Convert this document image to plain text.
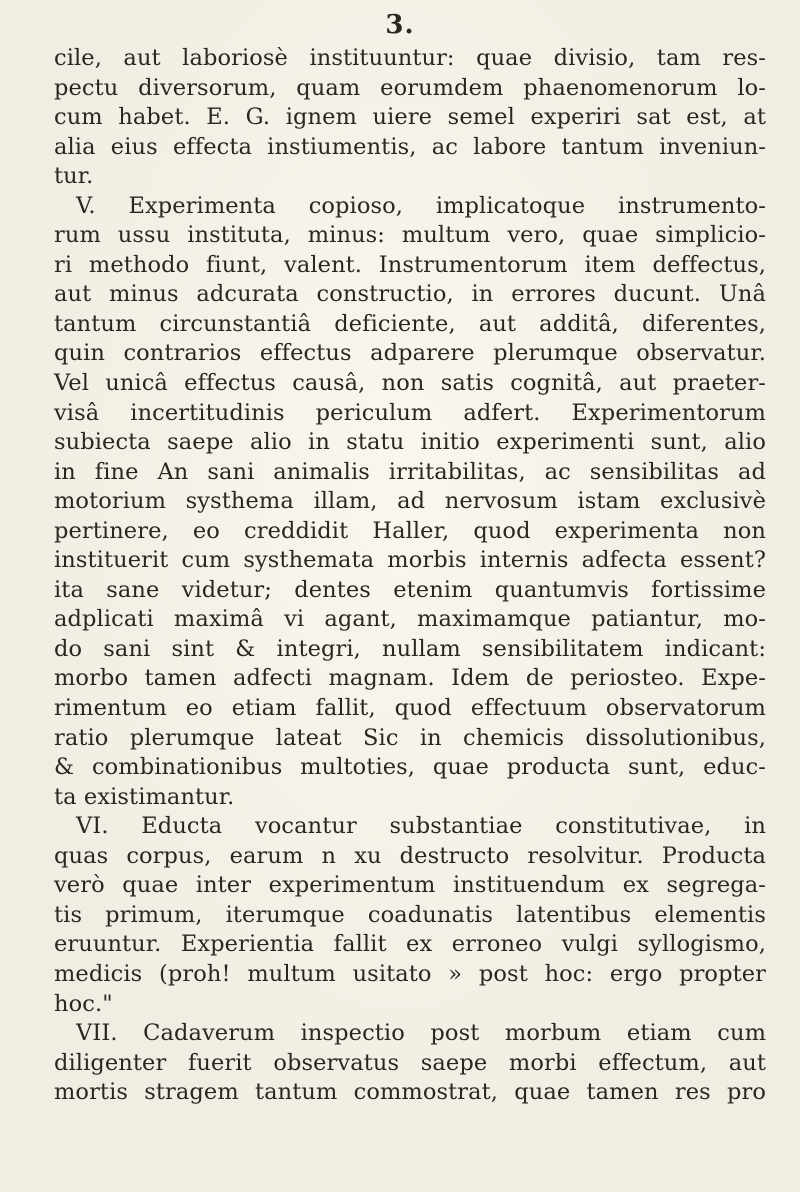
3.
cile, aut laboriosè instituuntur: quae divisio, tam res-
pectu diversorum, quam eorumdem phaenomenorum lo-
cum habet. E. G. ignem uiere semel experiri sat est, at
alia eius effecta instiumentis, ac labore tantum inveniun-
tur.
V. Experimenta copioso, implicatoque instrumento-
rum ussu instituta, minus: multum vero, quae simplicio-
ri methodo fiunt, valent. Instrumentorum item deffectus,
aut minus adcurata constructio, in errores ducunt. Unâ
tantum circunstantiâ deficiente, aut additâ, diferentes,
quin contrarios effectus adparere plerumque observatur.
Vel unicâ effectus causâ, non satis cognitâ, aut praeter-
visâ incertitudinis periculum adfert. Experimentorum
subiecta saepe alio in statu initio experimenti sunt, alio
in fine An sani animalis irritabilitas, ac sensibilitas ad
motorium systhema illam, ad nervosum istam exclusivè
pertinere, eo creddidit Haller, quod experimenta non
instituerit cum systhemata morbis internis adfecta essent?
ita sane videtur; dentes etenim quantumvis fortissime
adplicati maximâ vi agant, maximamque patiantur, mo-
do sani sint & integri, nullam sensibilitatem indicant:
morbo tamen adfecti magnam. Idem de periosteo. Expe-
rimentum eo etiam fallit, quod effectuum observatorum
ratio plerumque lateat Sic in chemicis dissolutionibus,
& combinationibus multoties, quae producta sunt, educ-
ta existimantur.
VI. Educta vocantur substantiae constitutivae, in
quas corpus, earum n xu destructo resolvitur. Producta
verò quae inter experimentum instituendum ex segrega-
tis primum, iterumque coadunatis latentibus elementis
eruuntur. Experientia fallit ex erroneo vulgi syllogismo,
medicis (proh! multum usitato » post hoc: ergo propter
hoc."
VII. Cadaverum inspectio post morbum etiam cum
diligenter fuerit observatus saepe morbi effectum, aut
mortis stragem tantum commostrat, quae tamen res pro
